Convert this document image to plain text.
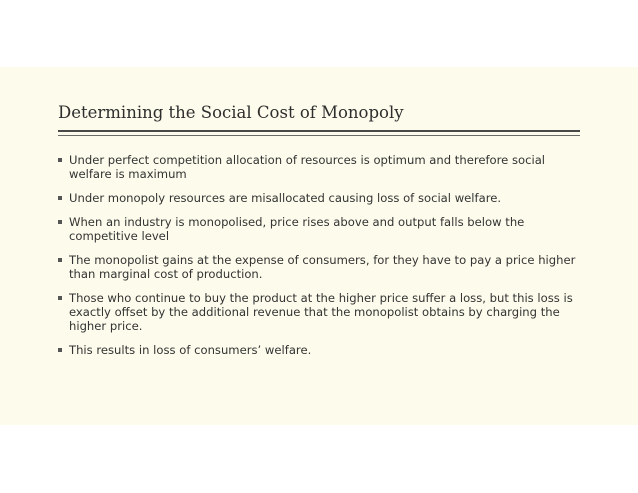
Determining the Social Cost of Monopoly
Under perfect competition allocation of resources is optimum and therefore social welfare is maximum
Under monopoly resources are misallocated causing loss of social welfare.
When an industry is monopolised, price rises above and output falls below the competitive level
The monopolist gains at the expense of consumers, for they have to pay a price higher than marginal cost of production.
Those who continue to buy the product at the higher price suffer a loss, but this loss is exactly offset by the additional revenue that the monopolist obtains by charging the higher price.
This results in loss of consumers’ welfare.
